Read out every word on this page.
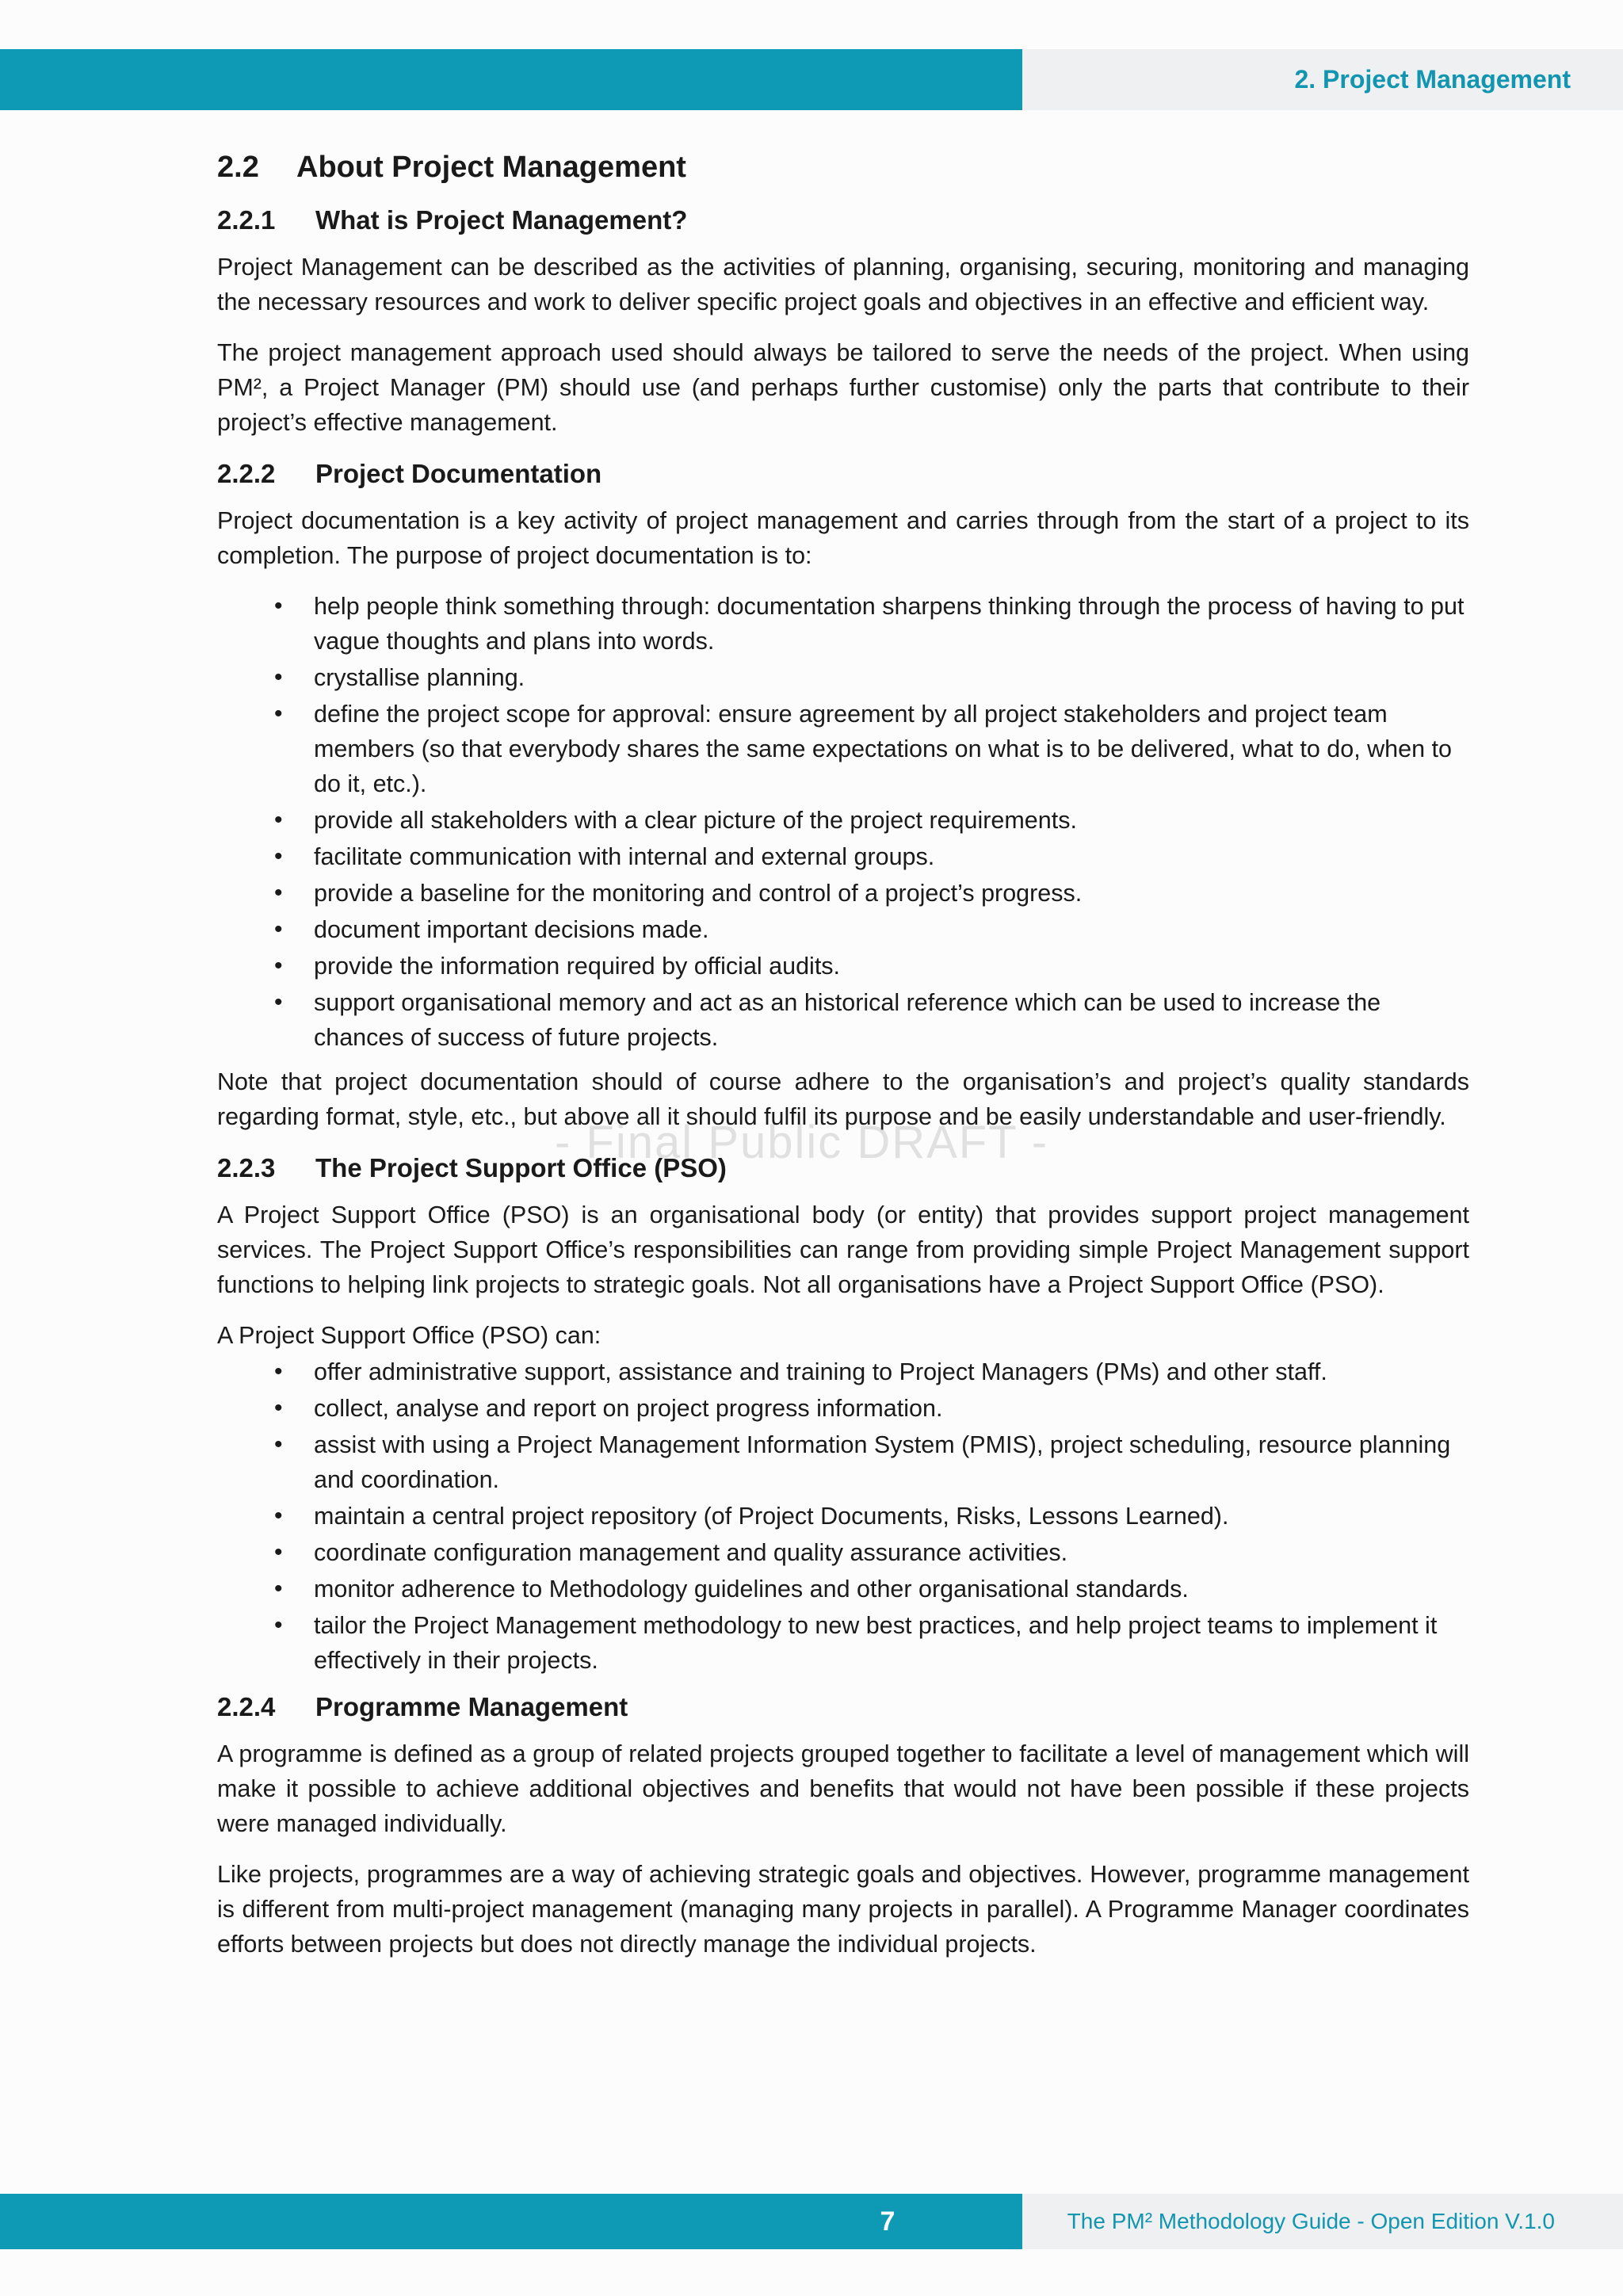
2. Project Management
2.2 About Project Management
2.2.1 What is Project Management?

Project Management can be described as the activities of planning, organising, securing, monitoring and managing the necessary resources and work to deliver specific project goals and objectives in an effective and efficient way.

The project management approach used should always be tailored to serve the needs of the project. When using PM², a Project Manager (PM) should use (and perhaps further customise) only the parts that contribute to their project’s effective management.

2.2.2 Project Documentation

Project documentation is a key activity of project management and carries through from the start of a project to its completion. The purpose of project documentation is to:

• help people think something through: documentation sharpens thinking through the process of having to put vague thoughts and plans into words.
• crystallise planning.
• define the project scope for approval: ensure agreement by all project stakeholders and project team members (so that everybody shares the same expectations on what is to be delivered, what to do, when to do it, etc.).
• provide all stakeholders with a clear picture of the project requirements.
• facilitate communication with internal and external groups.
• provide a baseline for the monitoring and control of a project’s progress.
• document important decisions made.
• provide the information required by official audits.
• support organisational memory and act as an historical reference which can be used to increase the chances of success of future projects.

Note that project documentation should of course adhere to the organisation’s and project’s quality standards regarding format, style, etc., but above all it should fulfil its purpose and be easily understandable and user-friendly.

2.2.3 The Project Support Office (PSO)

A Project Support Office (PSO) is an organisational body (or entity) that provides support project management services. The Project Support Office’s responsibilities can range from providing simple Project Management support functions to helping link projects to strategic goals. Not all organisations have a Project Support Office (PSO).

A Project Support Office (PSO) can:

• offer administrative support, assistance and training to Project Managers (PMs) and other staff.
• collect, analyse and report on project progress information.
• assist with using a Project Management Information System (PMIS), project scheduling, resource planning and coordination.
• maintain a central project repository (of Project Documents, Risks, Lessons Learned).
• coordinate configuration management and quality assurance activities.
• monitor adherence to Methodology guidelines and other organisational standards.
• tailor the Project Management methodology to new best practices, and help project teams to implement it effectively in their projects.
2.2.4 Programme Management

A programme is defined as a group of related projects grouped together to facilitate a level of management which will make it possible to achieve additional objectives and benefits that would not have been possible if these projects were managed individually.

Like projects, programmes are a way of achieving strategic goals and objectives. However, programme management is different from multi-project management (managing many projects in parallel). A Programme Manager coordinates efforts between projects but does not directly manage the individual projects.

- Final Public DRAFT -
7	The PM² Methodology Guide - Open Edition V.1.0
